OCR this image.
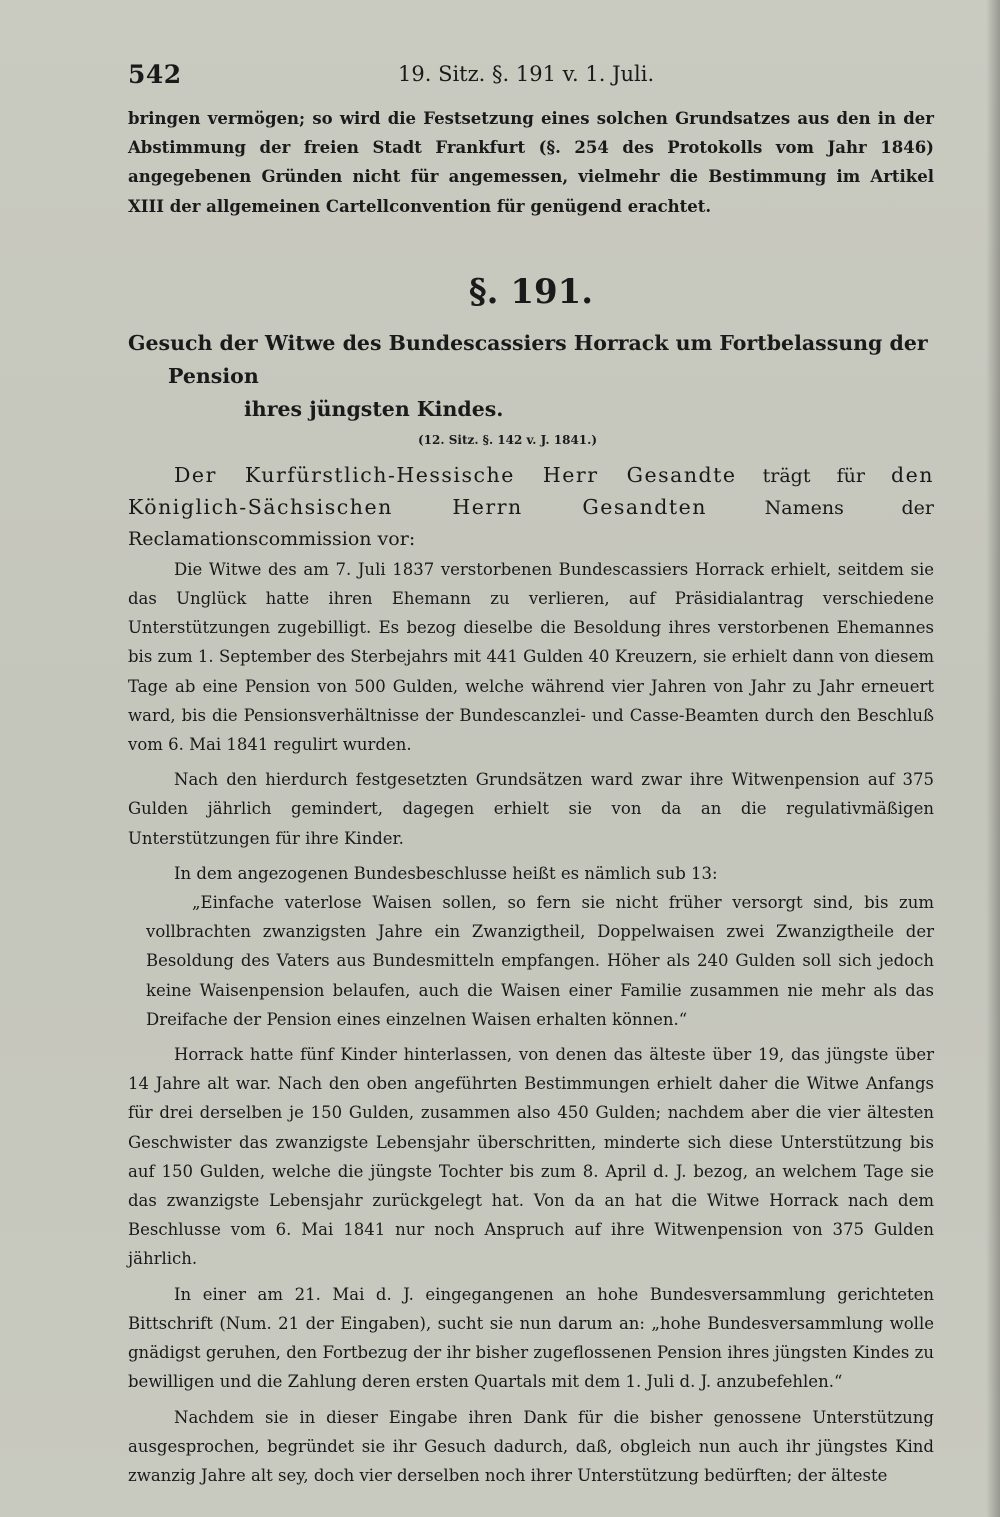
542	19. Sitz. §. 191 v. 1. Juli.

bringen vermögen; so wird die Festsetzung eines solchen Grundsatzes aus den in der Abstimmung der freien Stadt Frankfurt (§. 254 des Protokolls vom Jahr 1846) angegebenen Gründen nicht für angemessen, vielmehr die Bestimmung im Artikel XIII der allgemeinen Cartellconvention für genügend erachtet.

§. 191.
Gesuch der Witwe des Bundescassiers Horrack um Fortbelassung der Pension
ihres jüngsten Kindes.
(12. Sitz. §. 142 v. J. 1841.)

Der Kurfürstlich-Hessische Herr Gesandte trägt für den Königlich-Sächsischen Herrn Gesandten	Namens der Reclamationscommission vor:

Die Witwe des am 7. Juli 1837 verstorbenen Bundescassiers Horrack erhielt, seitdem sie das Unglück hatte ihren Ehemann zu verlieren, auf Präsidialantrag verschiedene Unterstützungen zugebilligt. Es bezog dieselbe die Besoldung ihres verstorbenen Ehemannes bis zum 1. September des Sterbejahrs mit 441 Gulden 40 Kreuzern, sie erhielt dann von diesem Tage ab eine Pension von 500 Gulden, welche während vier Jahren von Jahr zu Jahr erneuert ward, bis die Pensionsverhältnisse der Bundescanzlei- und Casse-Beamten durch den Beschluß vom 6. Mai 1841 regulirt wurden.

Nach den hierdurch festgesetzten Grundsätzen ward zwar ihre Witwenpension auf 375 Gulden jährlich gemindert, dagegen erhielt sie von da an die regulativmäßigen Unterstützungen für ihre Kinder.

In dem angezogenen Bundesbeschlusse heißt es nämlich sub 13:

„Einfache vaterlose Waisen sollen, so fern sie nicht früher versorgt sind, bis zum vollbrachten zwanzigsten Jahre ein Zwanzigtheil, Doppelwaisen zwei Zwanzigtheile der Besoldung des Vaters aus Bundesmitteln empfangen. Höher als 240 Gulden soll sich jedoch keine Waisenpension belaufen, auch die Waisen einer Familie zusammen nie mehr als das Dreifache der Pension eines einzelnen Waisen erhalten können.“

Horrack hatte fünf Kinder hinterlassen, von denen das älteste über 19, das jüngste über 14 Jahre alt war. Nach den oben angeführten Bestimmungen erhielt daher die Witwe Anfangs für drei derselben je 150 Gulden, zusammen also 450 Gulden; nachdem aber die vier ältesten Geschwister das zwanzigste Lebensjahr überschritten, minderte sich diese Unterstützung bis auf 150 Gulden, welche die jüngste Tochter bis zum 8. April d. J. bezog, an welchem Tage sie das zwanzigste Lebensjahr zurückgelegt hat. Von da an hat die Witwe Horrack nach dem Beschlusse vom 6. Mai 1841 nur noch Anspruch auf ihre Witwenpension von 375 Gulden jährlich.

In einer am 21. Mai d. J. eingegangenen an hohe Bundesversammlung gerichteten Bittschrift (Num. 21 der Eingaben), sucht sie nun darum an: „hohe Bundesversammlung wolle gnädigst geruhen, den Fortbezug der ihr bisher zugeflossenen Pension ihres jüngsten Kindes zu bewilligen und die Zahlung deren ersten Quartals mit dem 1. Juli d. J. anzubefehlen.“

Nachdem sie in dieser Eingabe ihren Dank für die bisher genossene Unterstützung ausgesprochen, begründet sie ihr Gesuch dadurch, daß, obgleich nun auch ihr jüngstes Kind zwanzig Jahre alt sey, doch vier derselben noch ihrer Unterstützung bedürften; der älteste
